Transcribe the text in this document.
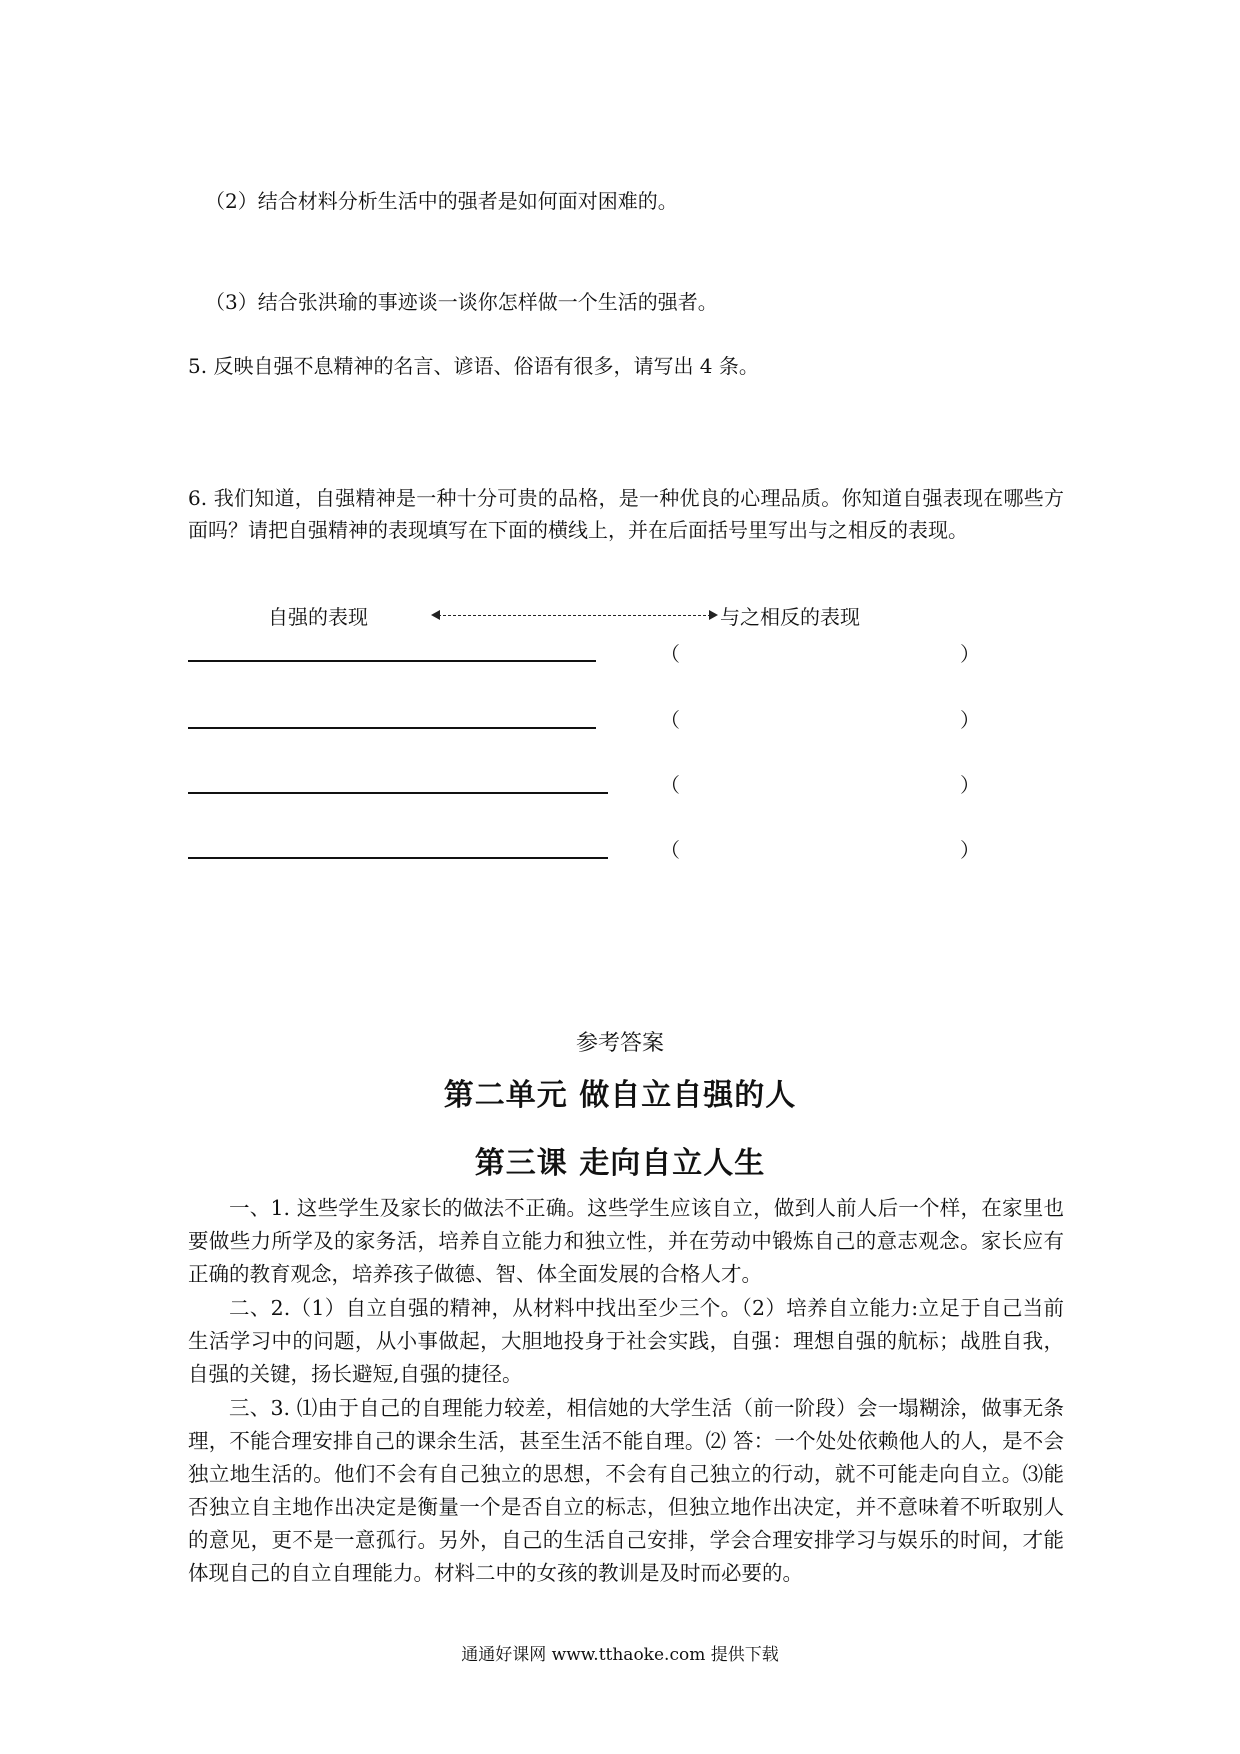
（2）结合材料分析生活中的强者是如何面对困难的。
（3）结合张洪瑜的事迹谈一谈你怎样做一个生活的强者。
5. 反映自强不息精神的名言、谚语、俗语有很多，请写出 4 条。
6. 我们知道，自强精神是一种十分可贵的品格，是一种优良的心理品质。你知道自强表现在哪些方面吗？请把自强精神的表现填写在下面的横线上，并在后面括号里写出与之相反的表现。
自强的表现	与之相反的表现
（	）
（	）
（	）
（	）
参考答案
第二单元 做自立自强的人
第三课 走向自立人生
一、1. 这些学生及家长的做法不正确。这些学生应该自立，做到人前人后一个样，在家里也要做些力所学及的家务活，培养自立能力和独立性，并在劳动中锻炼自己的意志观念。家长应有正确的教育观念，培养孩子做德、智、体全面发展的合格人才。
二、2.（1）自立自强的精神，从材料中找出至少三个。（2）培养自立能力:立足于自己当前生活学习中的问题，从小事做起，大胆地投身于社会实践，自强：理想自强的航标；战胜自我，自强的关键，扬长避短,自强的捷径。
三、3. ⑴由于自己的自理能力较差，相信她的大学生活（前一阶段）会一塌糊涂，做事无条理，不能合理安排自己的课余生活，甚至生活不能自理。⑵ 答：一个处处依赖他人的人，是不会独立地生活的。他们不会有自己独立的思想，不会有自己独立的行动，就不可能走向自立。⑶能否独立自主地作出决定是衡量一个是否自立的标志，但独立地作出决定，并不意味着不听取别人的意见，更不是一意孤行。另外，自己的生活自己安排，学会合理安排学习与娱乐的时间，才能体现自己的自立自理能力。材料二中的女孩的教训是及时而必要的。
通通好课网 www.tthaoke.com 提供下载
